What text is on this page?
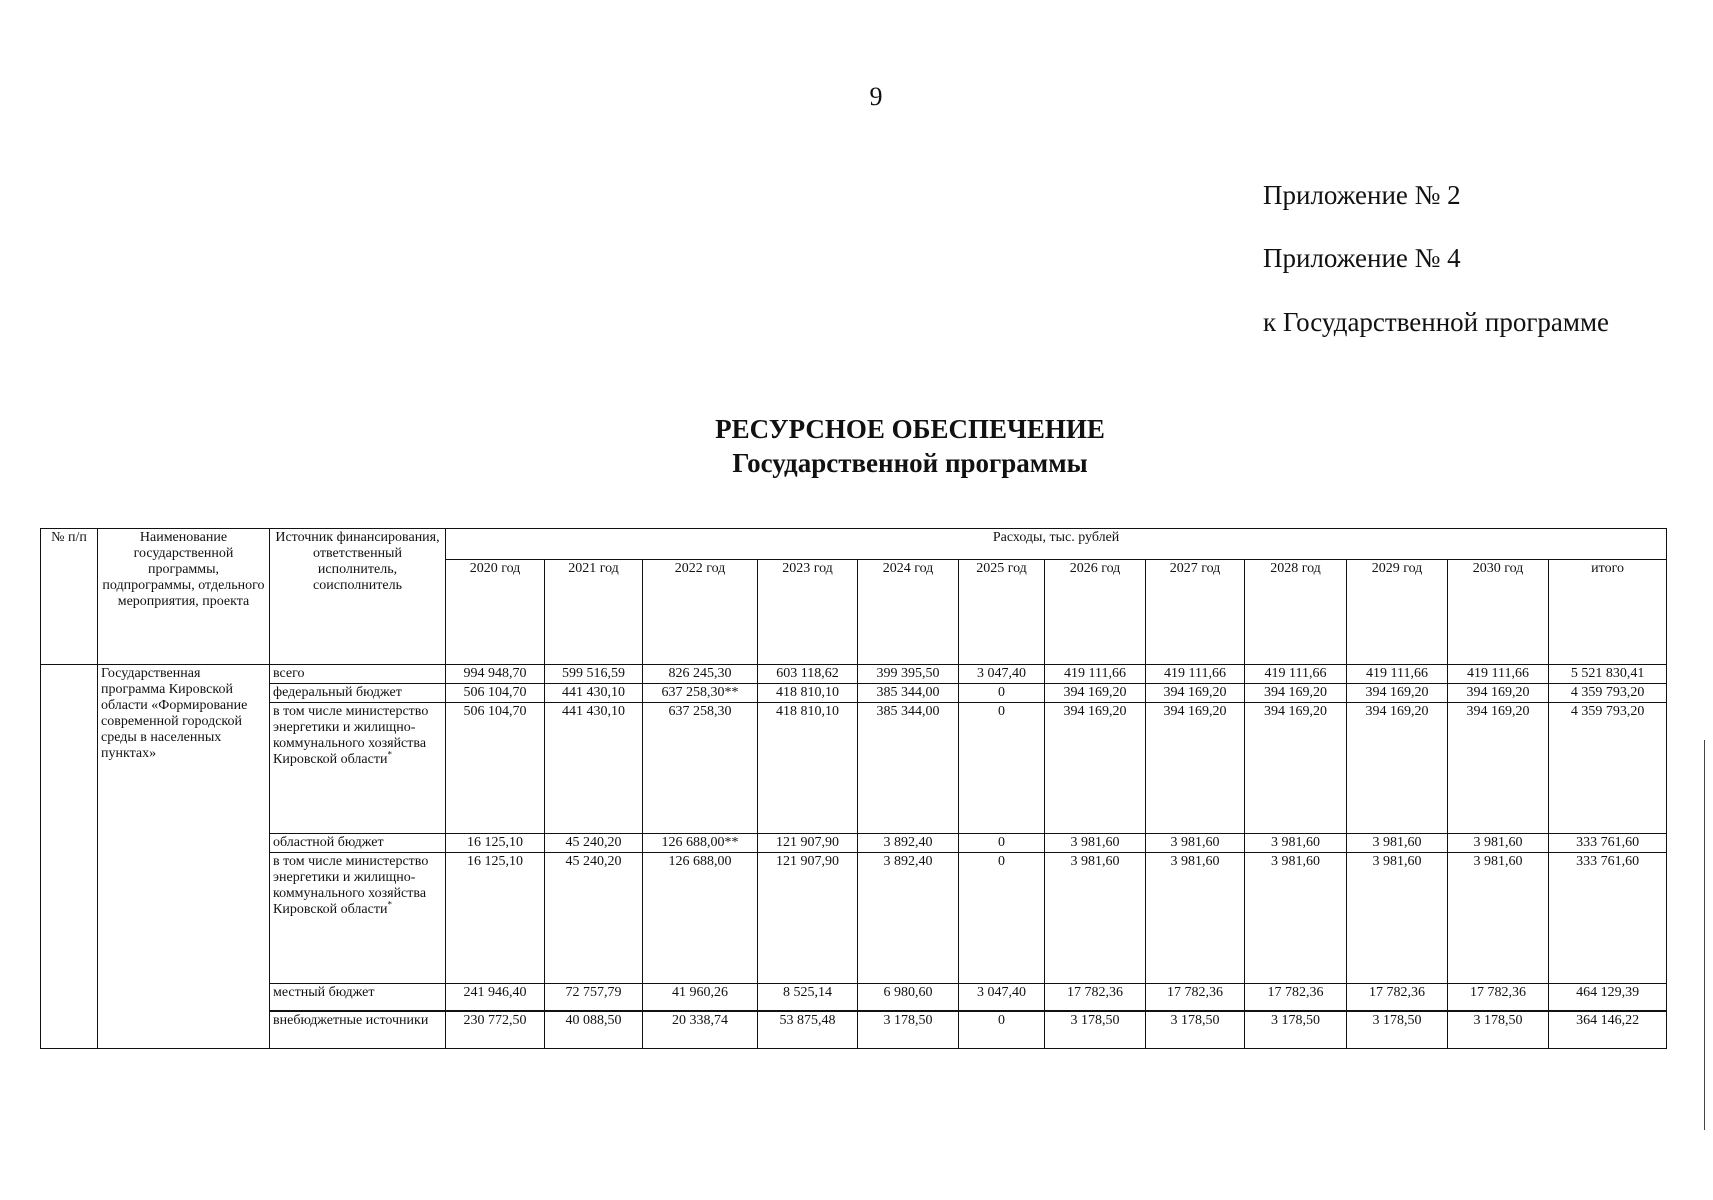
9
Приложение № 2
Приложение № 4
к Государственной программе
РЕСУРСНОЕ ОБЕСПЕЧЕНИЕ
Государственной программы
№ п/п	Наименование государственной программы, подпрограммы, отдельного мероприятия, проекта	Источник финансирования, ответственный исполнитель, соисполнитель	Расходы, тыс. рублей											
			2020 год	2021 год	2022 год	2023 год	2024 год	2025 год	2026 год	2027 год	2028 год	2029 год	2030 год	итого
	Государственная программа Кировской области «Формирование современной городской среды в населенных пунктах»	всего	994 948,70	599 516,59	826 245,30	603 118,62	399 395,50	3 047,40	419 111,66	419 111,66	419 111,66	419 111,66	419 111,66	5 521 830,41
		федеральный бюджет	506 104,70	441 430,10	637 258,30**	418 810,10	385 344,00	0	394 169,20	394 169,20	394 169,20	394 169,20	394 169,20	4 359 793,20
		в том числе министерство энергетики и жилищно-коммунального хозяйства Кировской области*	506 104,70	441 430,10	637 258,30	418 810,10	385 344,00	0	394 169,20	394 169,20	394 169,20	394 169,20	394 169,20	4 359 793,20
		областной бюджет	16 125,10	45 240,20	126 688,00**	121 907,90	3 892,40	0	3 981,60	3 981,60	3 981,60	3 981,60	3 981,60	333 761,60
		в том числе министерство энергетики и жилищно-коммунального хозяйства Кировской области*	16 125,10	45 240,20	126 688,00	121 907,90	3 892,40	0	3 981,60	3 981,60	3 981,60	3 981,60	3 981,60	333 761,60
		местный бюджет	241 946,40	72 757,79	41 960,26	8 525,14	6 980,60	3 047,40	17 782,36	17 782,36	17 782,36	17 782,36	17 782,36	464 129,39
		внебюджетные источники	230 772,50	40 088,50	20 338,74	53 875,48	3 178,50	0	3 178,50	3 178,50	3 178,50	3 178,50	3 178,50	364 146,22
